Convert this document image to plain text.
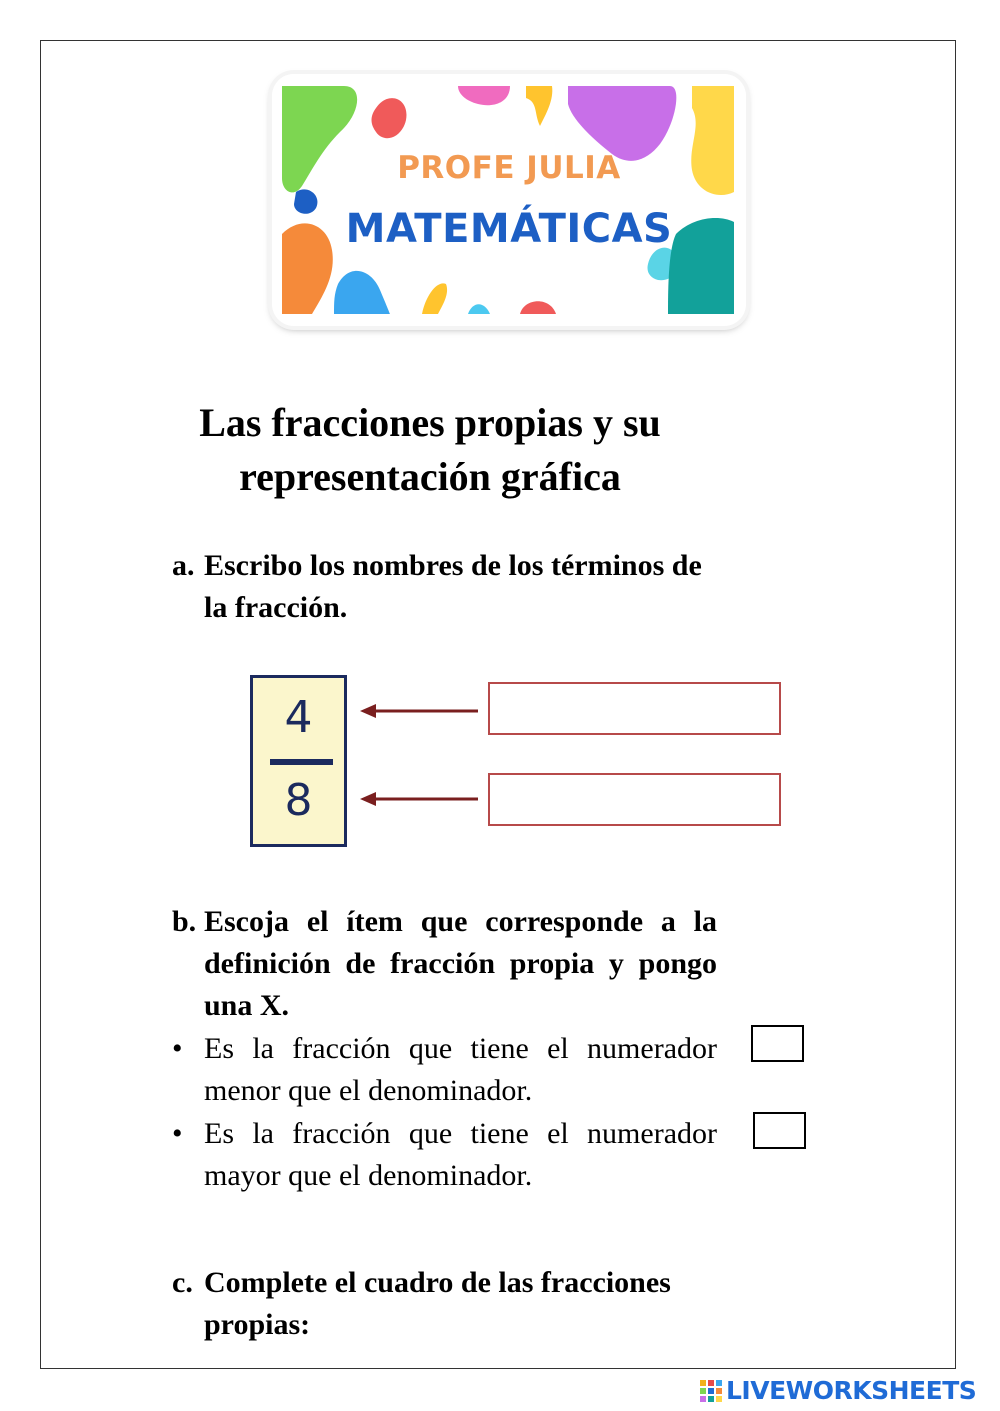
PROFE JULIA
MATEMÁTICAS
Las fracciones propias y su representación gráfica
a. Escribo los nombres de los términos de la fracción.
4
8
b. Escoja el ítem que corresponde a la definición de fracción propia y pongo una X.
• Es la fracción que tiene el numerador menor que el denominador.
• Es la fracción que tiene el numerador mayor que el denominador.
c. Complete el cuadro de las fracciones propias:
LIVEWORKSHEETS
